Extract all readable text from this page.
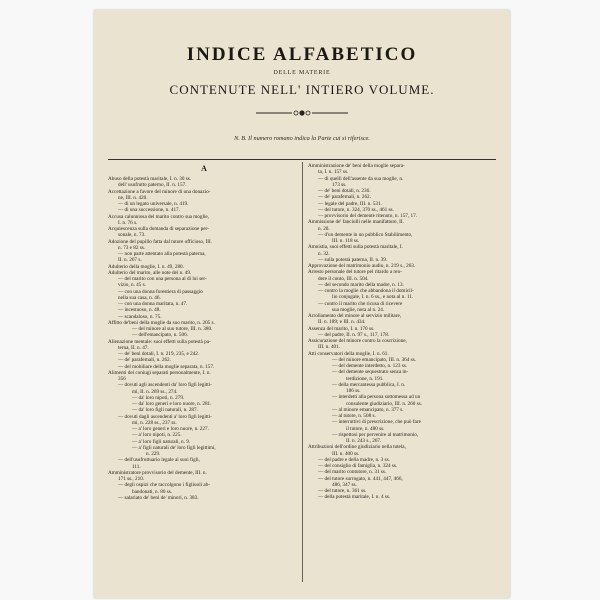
INDICE ALFABETICO
DELLE MATERIE
CONTENUTE NELL' INTIERO VOLUME.
N. B. Il numero romano indica la Parte cui si riferisce.
A
Abuso della potestà maritale, I. n. 30 ss.
dell' usufrutto paterno, II. n. 157.
Accettazione a favore del minore di una donazio-
ne, III. n. 420.
— di un legato universale, n. 419.
— di una successione, n. 417.
Accusa calunniosa del marito contro sua moglie,
I. n. 76 s.
Acquiescenza sulla domanda di separazione per-
sonale, n. 73.
Adozione del pupillo fatta dal tutore officioso, III.
n. 73 e 82 ss.
— non parte attentato alla potestà paterna,
II. n. 267 s.
Adulterio della moglie, I. n. 49, 280.
Adulterio del marito, alle note del n. 49.
— del marito con una persona al di lui ser-
vizio, n. 45 s.
— con una donna forestiera di passaggio
nella sua casa, n. 46.
— con una donna maritata, n. 47.
— incestuoso, n. 48.
— scandaloso, n. 75.
Affitto de'beni della moglie da suo marito, n. 205 s.
— del minore al suo tutore, III. n. 380.
— dell'emancipato, n. 506.
Alienazione mentale: suoi effetti sulla potestà pa-
terna, II. n. 47.
— de' beni dotali, I. n. 219, 235, e 242.
— de' parafernali, n. 262.
— del mobiliare della moglie separata, n. 157.
Alimenti dei coniugi separati personalmente, I. n.
356
— dovuti agli ascendenti da' loro figli legitti-
mi, II. n. 269 ss., 274.
— da' loro nipoti, n. 279.
— da' loro generi e loro nuore, n. 281.
— da' loro figli naturali, n. 287.
— dovuti dagli ascendenti a' loro figli legitti-
mi, n. 228 ss., 237 ss.
— a' loro generi e loro nuore, n. 227.
— a' loro nipoti, n. 225.
— a' loro figli naturali, n. 9.
— a' figli naturali de' loro figli legittimi,
n. 229.
— dell'usufruttuario legale ai suoi figli,
111.
Amministratore provvisorio del demente, III. n.
171 ss., 210.
— degli ospizi che raccolgono i figliuoli ab-
bandonati, n. 80 ss.
— salariato de' beni de' minori, n. 383.
Amministrazione de' beni della moglie separa-
ta, I. n. 157 ss.
— di quelli dell'assente da sua moglie, n.
173 ss.
— de' beni dotali, n. 236.
— de' parafernali, n. 262.
— legale del padre, III. n. 531.
— del tutore, n. 324, 370 ss., 461 ss.
— provvisorio del demente ritenuto, n. 157, 17.
Ammissione de' fanciulli nelle manifatture, II.
n. 20.
— d'un demente in un pubblico Stabilimento,
III. n. 118 ss.
Amnistia, suoi effetti sulla potestà maritale, I.
n. 32.
— sulla potestà paterna, II. n. 39.
Approvazione del matrimonio audio, n. 219 s., 263.
Arresto personale del tutore pel ritardo a ren-
dere il conto, III. n. 504.
— del secondo marito della madre, n. 13.
— contro la moglie che abbandona il domicil-
lio conjugale, I. n. 6 ss., e nota al n. 11.
— contro il marito che ricusa di ricevere
sua moglie, nota al n. 24.
Arrollamento del minore al servizio militare,
II. n. 189; e III. n. 434.
Assenza del marito, I. n. 170 ss.
— del padre, II. n. 97 s., 117, 178.
Assicurazione del minore contro la coscrizione,
III. n. 401.
Atti conservatori della moglie, I. n. 61.
— del minore emancipato, III. n. 364 ss.
— del demente interdetto, n. 123 ss.
— del demente sequestrato senza in-
terdizione, n. 191.
— della mercantessa pubblica, I. n.
186 ss.
— interdetti alla persona sottomessa ad un
consulente giudiziario, III. n. 260 ss.
— al minore emancipato, n. 377 s.
— al tutore, n. 508 s.
— interruttivi di prescrizione, che può fare
il tutore, n. 480 ss.
— rispettosi per pervenire al matrimonio,
II. n. 243 s., 267.
Attribuzioni dell'ordine giudiziario nella tutela,
III. n. 400 ss.
— del padre e della madre, n. 3 ss.
— del consiglio di famiglia, n. 324 ss.
— del marito contutore, n. 31 ss.
— del tutore surrogato, n. 441, 447, 466,
486, 347 ss.
— del tutore, n. 361 ss.
— della potestà maritale, I. n. 4 ss.
